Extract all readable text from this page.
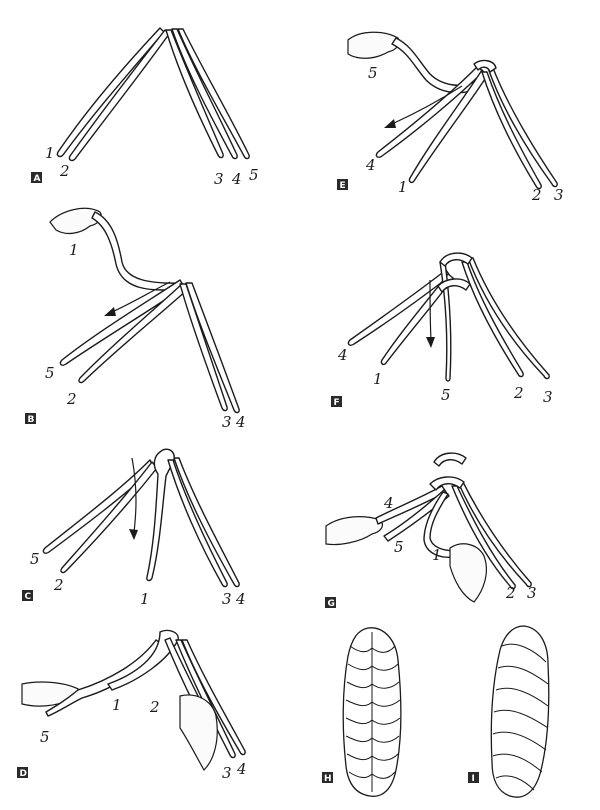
1
2	3 4 5
A
1
5
2
3 4
B
5
2
1	3 4
C
5
1 2
3 4
D
5
4
1	2 3
E
4
1
5	2 3
F
4
5 1
2 3
G
H	I
